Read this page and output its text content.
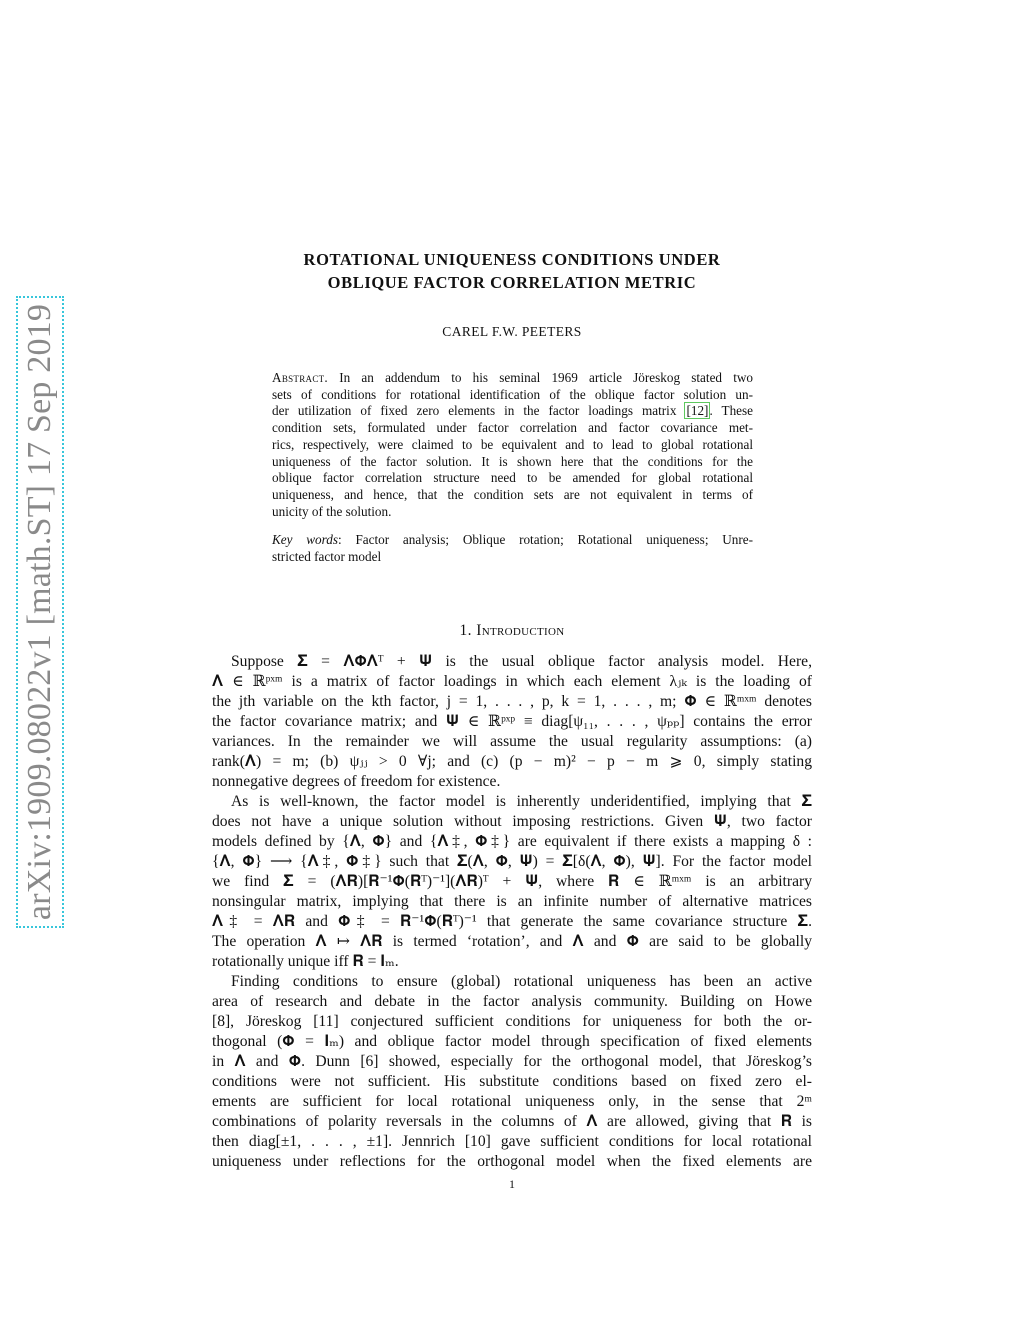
arXiv:1909.08022v1 [math.ST] 17 Sep 2019
ROTATIONAL UNIQUENESS CONDITIONS UNDER
OBLIQUE FACTOR CORRELATION METRIC
CAREL F.W. PEETERS
Abstract. In an addendum to his seminal 1969 article Jöreskog stated two
sets of conditions for rotational identification of the oblique factor solution un-
der utilization of fixed zero elements in the factor loadings matrix [12]. These
condition sets, formulated under factor correlation and factor covariance met-
rics, respectively, were claimed to be equivalent and to lead to global rotational
uniqueness of the factor solution. It is shown here that the conditions for the
oblique factor correlation structure need to be amended for global rotational
uniqueness, and hence, that the condition sets are not equivalent in terms of
unicity of the solution.
Key words: Factor analysis; Oblique rotation; Rotational uniqueness; Unre-
stricted factor model
1. Introduction
Suppose 𝚺 = 𝚲𝚽𝚲ᵀ + 𝚿 is the usual oblique factor analysis model. Here,
𝚲 ∈ ℝᵖˣᵐ is a matrix of factor loadings in which each element λⱼₖ is the loading of
the jth variable on the kth factor, j = 1, . . . , p, k = 1, . . . , m; 𝚽 ∈ ℝᵐˣᵐ denotes
the factor covariance matrix; and 𝚿 ∈ ℝᵖˣᵖ ≡ diag[ψ₁₁, . . . , ψₚₚ] contains the error
variances. In the remainder we will assume the usual regularity assumptions: (a)
rank(𝚲) = m; (b) ψⱼⱼ > 0 ∀j; and (c) (p − m)² − p − m ⩾ 0, simply stating
nonnegative degrees of freedom for existence.
As is well-known, the factor model is inherently underidentified, implying that 𝚺
does not have a unique solution without imposing restrictions. Given 𝚿, two factor
models defined by {𝚲, 𝚽} and {𝚲‡, 𝚽‡} are equivalent if there exists a mapping δ :
{𝚲, 𝚽} ⟶ {𝚲‡, 𝚽‡} such that 𝚺(𝚲, 𝚽, 𝚿) = 𝚺[δ(𝚲, 𝚽), 𝚿]. For the factor model
we find 𝚺 = (𝚲𝐑)[𝐑⁻¹𝚽(𝐑ᵀ)⁻¹](𝚲𝐑)ᵀ + 𝚿, where 𝐑 ∈ ℝᵐˣᵐ is an arbitrary
nonsingular matrix, implying that there is an infinite number of alternative matrices
𝚲‡ = 𝚲𝐑 and 𝚽‡ = 𝐑⁻¹𝚽(𝐑ᵀ)⁻¹ that generate the same covariance structure 𝚺.
The operation 𝚲 ↦ 𝚲𝐑 is termed ‘rotation’, and 𝚲 and 𝚽 are said to be globally
rotationally unique iff 𝐑 = 𝐈ₘ.
Finding conditions to ensure (global) rotational uniqueness has been an active
area of research and debate in the factor analysis community. Building on Howe
[8], Jöreskog [11] conjectured sufficient conditions for uniqueness for both the or-
thogonal (𝚽 = 𝐈ₘ) and oblique factor model through specification of fixed elements
in 𝚲 and 𝚽. Dunn [6] showed, especially for the orthogonal model, that Jöreskog’s
conditions were not sufficient. His substitute conditions based on fixed zero el-
ements are sufficient for local rotational uniqueness only, in the sense that 2ᵐ
combinations of polarity reversals in the columns of 𝚲 are allowed, giving that 𝐑 is
then diag[±1, . . . , ±1]. Jennrich [10] gave sufficient conditions for local rotational
uniqueness under reflections for the orthogonal model when the fixed elements are
1
